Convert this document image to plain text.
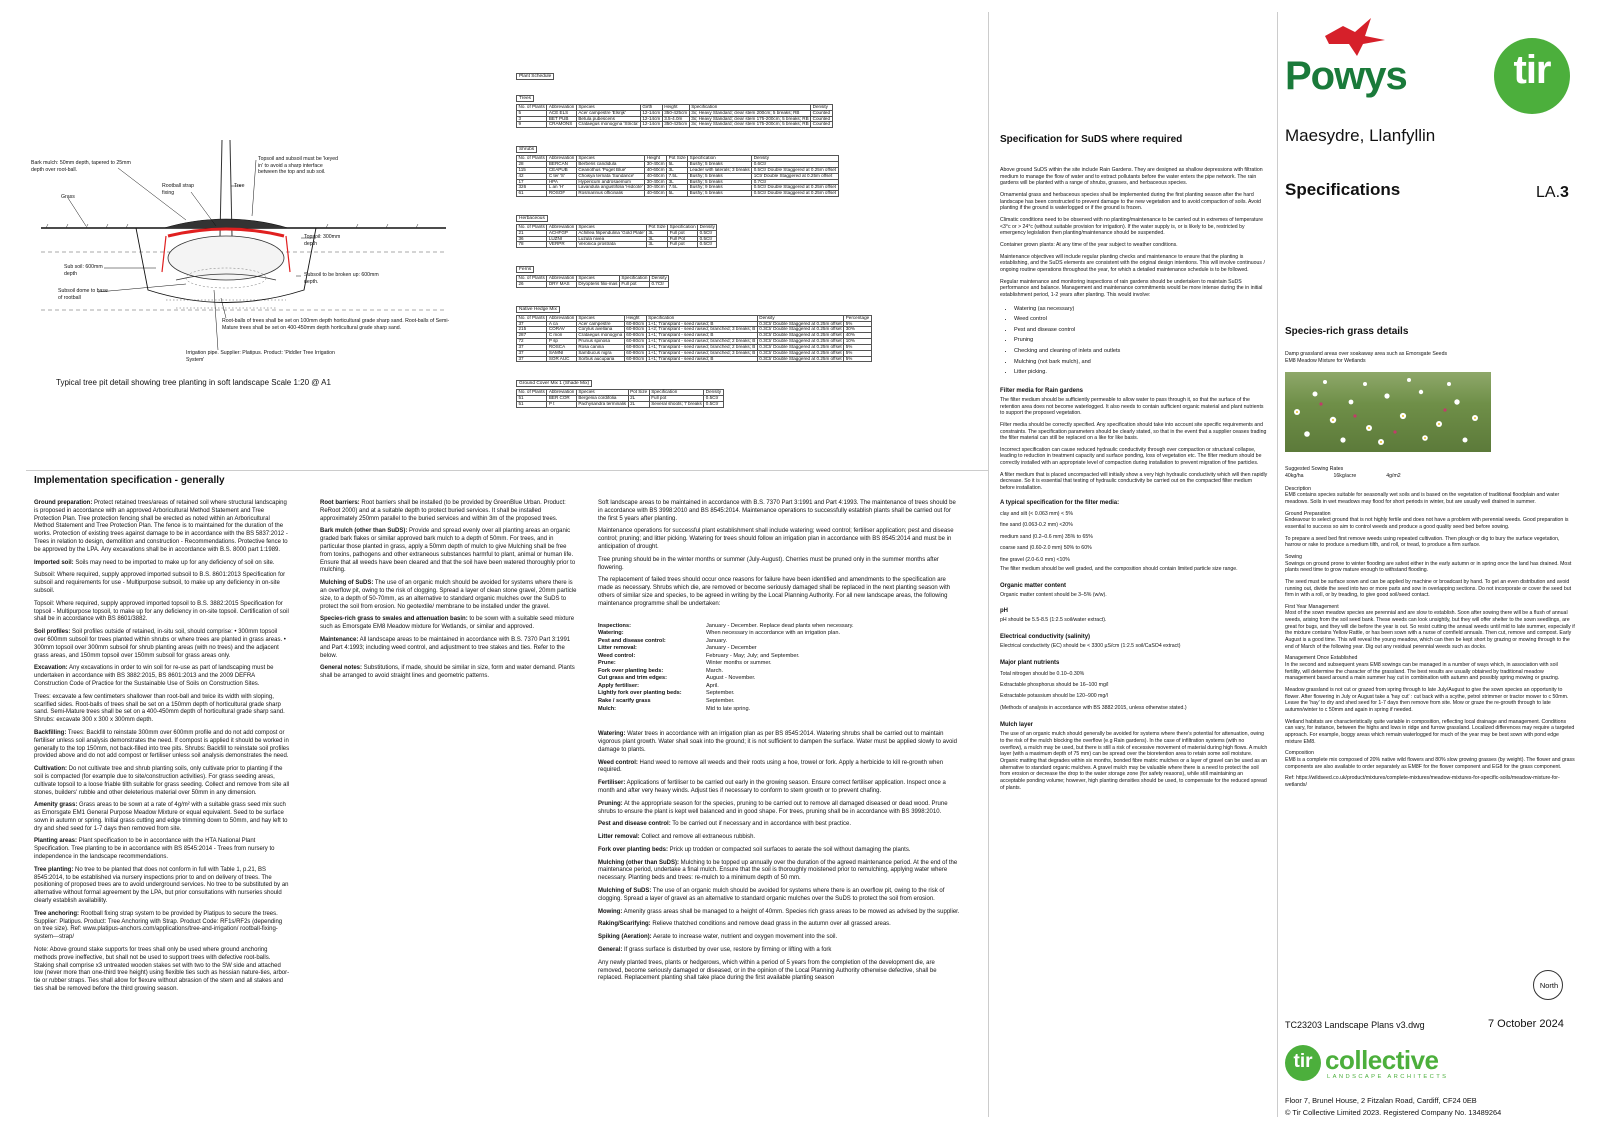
Bark mulch: 50mm depth, tapered to 25mm depth over root-ball.
Rootball strap fixing
Tree
Topsoil and subsoil must be 'keyed in' to avoid a sharp interface between the top and sub soil.
Grass
Topsoil: 300mm depth
Sub soil: 600mm depth
Subsoil dome to base of rootball
Subsoil to be broken up: 600mm depth.
Root-balls of trees shall be set on 100mm depth horticultural grade sharp sand. Root-balls of Semi-Mature trees shall be set on 400-450mm depth horticultural grade sharp sand.
Irrigation pipe. Supplier: Platipus. Product: 'Piddler Tree Irrigation System'
Typical tree pit detail showing tree planting in soft landscape Scale 1:20 @ A1
Plant Schedule
Trees
No. of Plants	Abbreviation	Species	Girth	Height	Specification	Density
5	ACE ELS	Acer campestre 'Elsrijk'	12-14cm	350-425cm	3x; Heavy Standard; clear stem 200cm; 5 breaks; RB	Counted
3	BET PUB	Betula pubescens	12-14cm	3.5-4.0m	3x; Heavy Standard; clear stem 175-200cm; 5 breaks; RB	Counted
9	CRAMONS	Crataegus monogyna 'Stricta'	12-14cm	350-425cm	3x; Heavy Standard; clear stem 175-200cm; 5 breaks; RB	Counted
Shrubs
No. of Plants	Abbreviation	Species	Height	Pot Size	Specification	Density
28	BERCAN	Berberis candidula	30-40cm	5L	Bushy; 5 breaks	0.6Ctr
115	CEAPUB	Ceanothus 'Puget Blue'	40-60cm	3L	Leader with laterals; 3 breaks	0.5Ctr Double Staggered at 0.25m offset
42	C ter 'S'	Choisya ternata 'Sundance'	40-60cm	7.5L	Bushy; 5 breaks	1Ctr Double Staggered at 0.25m offset
17	HPA	Hypericum androsaemum	30-40cm	3L	Bushy; 5 breaks	0.7Ctr
326	L an 'H'	Lavandula angustifolia 'Hidcote'	30-40cm	7.5L	Bushy; 9 breaks	0.5Ctr Double Staggered at 0.25m offset
61	ROSOF	Rosmarinus officinalis	40-60cm	5L	Bushy; 5 breaks	0.5Ctr Double Staggered at 0.25m offset
Herbaceous
No. of Plants	Abbreviation	Species	Pot Size	Specification	Density
21	ACHFGP	Achillea filipendulina 'Gold Plate'	3L	Full pot	0.5Ctr
36	LUZNI	Luzula nivea	3L	Full Pot	0.5Ctr
78	VERPR	Veronica prostrata	3L	Full pot	0.5Ctr
Ferns
No. of Plants	Abbreviation	Species	Specification	Density
26	DRY MAS	Dryopteris filix-mas	Full pot	0.7Ctr
Native Hedge Mix
No. of Plants	Abbreviation	Species	Height	Specification	Density	Percentage
37	A ca	Acer campestre	60-80cm	1+1; Transplant - seed raised; B	0.3Ctr Double Staggered at 0.25m offset	5%
215	CORAV	Corylus avellana	60-80cm	1+2; Transplant - seed raised; branched; 3 breaks; B	0.3Ctr Double Staggered at 0.25m offset	30%
287	C mon	Crataegus monogyna	60-80cm	1+1; Transplant - seed raised; B	0.3Ctr Double Staggered at 0.25m offset	40%
72	P sp	Prunus spinosa	60-80cm	1+1; Transplant - seed raised; branched; 2 breaks; B	0.3Ctr Double Staggered at 0.25m offset	10%
37	ROSCA	Rosa canina	60-80cm	1+1; Transplant - seed raised; branched; 2 breaks; B	0.3Ctr Double Staggered at 0.25m offset	5%
37	SAMNI	Sambucus nigra	60-80cm	1+1; Transplant - seed raised; branched; 3 breaks; B	0.3Ctr Double Staggered at 0.25m offset	5%
37	SOR AUC	Sorbus aucuparia	60-80cm	1+1; Transplant - seed raised; B	0.3Ctr Double Staggered at 0.25m offset	5%
Ground Cover Mix 1 (Shade Mix)
No. of Plants	Abbreviation	Species	Pot Size	Specification	Density
51	BER COR	Bergenia cordifolia	2L	Full pot	0.5Ctr
51	P t	Pachysandra terminalis	2L	Several shoots; 7 breaks	0.5Ctr
Implementation specification - generally
Ground preparation: Protect retained trees/areas of retained soil where structural landscaping is proposed in accordance with an approved Arboricultural Method Statement and Tree Protection Plan. Tree protection fencing shall be erected as noted within an Arboricultural Method Statement and Tree Protection Plan. The fence is to maintained for the duration of the works. Protection of existing trees against damage to be in accordance with the BS 5837:2012 - Trees in relation to design, demolition and construction - Recommendations. Protective fence to be approved by the LPA. Any excavations shall be in accordance with B.S. 8000 part 1:1989.
Imported soil: Soils may need to be imported to make up for any deficiency of soil on site.
Subsoil: Where required, supply approved imported subsoil to B.S. 8601:2013 Specification for subsoil and requirements for use - Multipurpose subsoil, to make up any deficiency in on-site subsoil.
Topsoil: Where required, supply approved imported topsoil to B.S. 3882:2015 Specification for topsoil - Multipurpose topsoil, to make up for any deficiency in on-site topsoil. Certification of soil shall be in accordance with BS 8601/3882.
Soil profiles: Soil profiles outside of retained, in-situ soil, should comprise: • 300mm topsoil over 600mm subsoil for trees planted within shrubs or where trees are planted in grass areas. • 300mm topsoil over 300mm subsoil for shrub planting areas (with no trees) and the adjacent grass areas, and 150mm topsoil over 150mm subsoil for grass areas only.
Excavation: Any excavations in order to win soil for re-use as part of landscaping must be undertaken in accordance with BS 3882:2015, BS 8601:2013 and the 2009 DEFRA Construction Code of Practice for the Sustainable Use of Soils on Construction Sites.
Trees: excavate a few centimeters shallower than root-ball and twice its width with sloping, scarified sides. Root-balls of trees shall be set on a 150mm depth of horticultural grade sharp sand. Semi-Mature trees shall be set on a 400-450mm depth of horticultural grade sharp sand. Shrubs: excavate 300 x 300 x 300mm depth.
Backfilling: Trees: Backfill to reinstate 300mm over 600mm profile and do not add compost or fertiliser unless soil analysis demonstrates the need. If compost is applied it should be worked in generally to the top 150mm, not back-filled into tree pits. Shrubs: Backfill to reinstate soil profiles provided above and do not add compost or fertiliser unless soil analysis demonstrates the need.
Cultivation: Do not cultivate tree and shrub planting soils, only cultivate prior to planting if the soil is compacted (for example due to site/construction activities). For grass seeding areas, cultivate topsoil to a loose friable tilth suitable for grass seeding. Collect and remove from site all stones, builders' rubble and other deleterious material over 50mm in any dimension.
Amenity grass: Grass areas to be sown at a rate of 4g/m² with a suitable grass seed mix such as Emorsgate EM1 General Purpose Meadow Mixture or equal equivalent. Seed to be surface sown in autumn or spring. Initial grass cutting and edge trimming down to 50mm, and hay left to dry and shed seed for 1-7 days then removed from site.
Planting areas: Plant specification to be in accordance with the HTA National Plant Specification. Tree planting to be in accordance with BS 8545:2014 - Trees from nursery to independence in the landscape recommendations.
Tree planting: No tree to be planted that does not conform in full with Table 1, p.21, BS 8545:2014, to be established via nursery inspections prior to and on delivery of trees. The positioning of proposed trees are to avoid underground services. No tree to be substituted by an alternative without formal agreement by the LPA, but prior consultations with nurseries should clearly establish availability.
Tree anchoring: Rootball fixing strap system to be provided by Platipus to secure the trees. Supplier: Platipus. Product: Tree Anchoring with Strap. Product Code: RF1s/RF2s (depending on tree size). Ref: www.platipus-anchors.com/applications/tree-and-irrigation/ rootball-fixing-system---strap/
Note: Above ground stake supports for trees shall only be used where ground anchoring methods prove ineffective, but shall not be used to support trees with defective root-balls. Staking shall comprise x3 untreated wooden stakes set with two to the SW side and attached low (never more than one-third tree height) using flexible ties such as hessian nature-ties, arbor-tie or rubber straps. Ties shall allow for flexure without abrasion of the stem and all stakes and ties shall be removed before the third growing season.
Root barriers: Root barriers shall be installed (to be provided by GreenBlue Urban. Product: ReRoot 2000) and at a suitable depth to protect buried services. It shall be installed approximately 250mm parallel to the buried services and within 3m of the proposed trees.
Bark mulch (other than SuDS): Provide and spread evenly over all planting areas an organic graded bark flakes or similar approved bark mulch to a depth of 50mm. For trees, and in particular those planted in grass, apply a 50mm depth of mulch to give Mulching shall be free from toxins, pathogens and other extraneous substances harmful to plant, animal or human life. Ensure that all weeds have been cleared and that the soil have been watered thoroughly prior to mulching.
Mulching of SuDS: The use of an organic mulch should be avoided for systems where there is an overflow pit, owing to the risk of clogging. Spread a layer of clean stone gravel, 20mm particle size, to a depth of 50-70mm, as an alternative to standard organic mulches over the SuDS to protect the soil from erosion. No geotextile/ membrane to be installed under the gravel.
Species-rich grass to swales and attenuation basin: to be sown with a suitable seed mixture such as Emorsgate EM8 Meadow mixture for Wetlands, or similar and approved.
Maintenance: All landscape areas to be maintained in accordance with B.S. 7370 Part 3:1991 and Part 4:1993; including weed control, and adjustment to tree stakes and ties. Refer to the below.
General notes: Substitutions, if made, should be similar in size, form and water demand. Plants shall be arranged to avoid straight lines and geometric patterns.
Soft landscape areas to be maintained in accordance with B.S. 7370 Part 3:1991 and Part 4:1993. The maintenance of trees should be in accordance with BS 3998:2010 and BS 8545:2014. Maintenance operations to successfully establish plants shall be carried out for the first 5 years after planting.
Maintenance operations for successful plant establishment shall include watering; weed control; fertiliser application; pest and disease control; pruning; and litter picking. Watering for trees should follow an irrigation plan in accordance with BS 8545:2014 and must be in anticipation of drought.
Tree pruning should be in the winter months or summer (July-August). Cherries must be pruned only in the summer months after flowering.
The replacement of failed trees should occur once reasons for failure have been identified and amendments to the specification are made as necessary. Shrubs which die, are removed or become seriously damaged shall be replaced in the next planting season with others of similar size and species, to be agreed in writing by the Local Planning Authority. For all new landscape areas, the following maintenance programme shall be undertaken:
Inspections:	January - December. Replace dead plants when necessary.
Watering:	When necessary in accordance with an irrigation plan.
Pest and disease control:	January.
Litter removal:	January - December
Weed control:	February - May; July; and September.
Prune:	Winter months or summer.
Fork over planting beds:	March.
Cut grass and trim edges:	August - November.
Apply fertiliser:	April.
Lightly fork over planting beds:	September.
Rake / scarify grass	September.
Mulch:	Mid to late spring.
Watering: Water trees in accordance with an irrigation plan as per BS 8545:2014. Watering shrubs shall be carried out to maintain vigorous plant growth. Water shall soak into the ground; it is not sufficient to dampen the surface. Water must be applied slowly to avoid damage to plants.
Weed control: Hand weed to remove all weeds and their roots using a hoe, trowel or fork. Apply a herbicide to kill re-growth when required.
Fertiliser: Applications of fertiliser to be carried out early in the growing season. Ensure correct fertiliser application. Inspect once a month and after very heavy winds. Adjust ties if necessary to conform to stem growth or to prevent chafing.
Pruning: At the appropriate season for the species, pruning to be carried out to remove all damaged diseased or dead wood. Prune shrubs to ensure the plant is kept well balanced and in good shape. For trees, pruning shall be in accordance with BS 3998:2010.
Pest and disease control: To be carried out if necessary and in accordance with best practice.
Litter removal: Collect and remove all extraneous rubbish.
Fork over planting beds: Prick up trodden or compacted soil surfaces to aerate the soil without damaging the plants.
Mulching (other than SuDS): Mulching to be topped up annually over the duration of the agreed maintenance period. At the end of the maintenance period, undertake a final mulch. Ensure that the soil is thoroughly moistened prior to remulching, applying water where necessary. Planting beds and trees: re-mulch to a minimum depth of 50 mm.
Mulching of SuDS: The use of an organic mulch should be avoided for systems where there is an overflow pit, owing to the risk of clogging. Spread a layer of gravel as an alternative to standard organic mulches over the SuDS to protect the soil from erosion.
Mowing: Amenity grass areas shall be managed to a height of 40mm. Species rich grass areas to be mowed as advised by the supplier.
Raking/Scarifying: Relieve thatched conditions and remove dead grass in the autumn over all grassed areas.
Spiking (Aeration): Aerate to increase water, nutrient and oxygen movement into the soil.
General: If grass surface is disturbed by over use, restore by firming or lifting with a fork
Any newly planted trees, plants or hedgerows, which within a period of 5 years from the completion of the development die, are removed, become seriously damaged or diseased, or in the opinion of the Local Planning Authority otherwise defective, shall be replaced. Replacement planting shall take place during the first available planting season
Specification for SuDS where required
Above ground SuDS within the site include Rain Gardens. They are designed as shallow depressions with filtration medium to manage the flow of water and to extract pollutants before the water enters the pipe network. The rain gardens will be planted with a range of shrubs, grasses, and herbaceous species.
Ornamental grass and herbaceous species shall be implemented during the first planting season after the hard landscape has been constructed to prevent damage to the new vegetation and to avoid compaction of soils. Avoid planting if the ground is waterlogged or if the ground is frozen.
Climatic conditions need to be observed with no planting/maintenance to be carried out in extremes of temperature <3°c or > 24°c (without suitable provision for irrigation). If the water supply is, or is likely to be, restricted by emergency legislation then planting/maintenance should be suspended.
Container grown plants: At any time of the year subject to weather conditions.
Maintenance objectives will include regular planting checks and maintenance to ensure that the planting is establishing, and the SuDS elements are consistent with the original design intentions. This will involve continuous / ongoing routine operations throughout the year, for which a detailed maintenance schedule is to be followed.
Regular maintenance and monitoring inspections of rain gardens should be undertaken to maintain SuDS performance and balance. Management and maintenance commitments would be more intense during the in initial establishment period, 1-2 years after planting. This would involve:
• Watering (as necessary)
• Weed control
• Pest and disease control
• Pruning
• Checking and cleaning of inlets and outlets
• Mulching (not bark mulch), and
• Litter picking.
Filter media for Rain gardens
The filter medium should be sufficiently permeable to allow water to pass through it, so that the surface of the retention area does not become waterlogged. It also needs to contain sufficient organic material and plant nutrients to support the proposed vegetation.
Filter media should be correctly specified. Any specification should take into account site specific requirements and constraints. The specification parameters should be clearly stated, so that in the event that a supplier ceases trading the filter material can still be replaced on a like for like basis.
Incorrect specification can cause reduced hydraulic conductivity through over compaction or structural collapse, leading to reduction in treatment capacity and surface ponding, loss of vegetation etc. The filter medium should be correctly installed with an appropriate level of compaction during installation to prevent migration of fine particles.
A filter medium that is placed uncompacted will initially show a very high hydraulic conductivity which will then rapidly decrease. So it is essential that testing of hydraulic conductivity be carried out on the compacted filter medium before installation.
A typical specification for the filter media:
clay and silt (< 0.063 mm) < 5%
fine sand (0.063-0.2 mm) <20%
medium sand (0.2–0.6 mm) 35% to 65%
coarse sand (0.60-2.0 mm) 50% to 60%
fine gravel (2.0-6.0 mm) <10%
The filter medium should be well graded, and the composition should contain limited particle size range.
Organic matter content
Organic matter content should be 3–5% (w/w).
pH
pH should be 5.5-8.5 (1:2.5 soil/water extract).
Electrical conductivity (salinity)
Electrical conductivity (EC) should be < 3300 µS/cm (1:2.5 soil/CaSO4 extract)
Major plant nutrients
Total nitrogen should be 0.10–0.30%
Extractable phosphorus should be 16–100 mg/l
Extractable potassium should be 120–900 mg/l
(Methods of analysis in accordance with BS 3882:2015, unless otherwise stated.)
Mulch layer
The use of an organic mulch should generally be avoided for systems where there's potential for attenuation, owing to the risk of the mulch blocking the overflow (e.g Rain gardens). In the case of infiltration systems (with no overflow), a mulch may be used, but there is still a risk of excessive movement of material during high flows. A mulch layer (with a maximum depth of 75 mm) can be spread over the bioretention area to retain some soil moisture. Organic matting that degrades within six months, bonded fibre matric mulches or a layer of gravel can be used as an alternative to standard organic mulches. A gravel mulch may be valuable where there is a need to protect the soil from erosion or decrease the drop to the water storage zone (for safety reasons), while still maintaining an acceptable ponding volume; however, high planting densities should be used, to compensate for the reduced spread of plants.
Powys	tir
Maesydre, Llanfyllin
Specifications	LA.3
Species-rich grass details
Damp grassland areas over soakaway area such as Emorsgate Seeds
EM8 Meadow Mixture for Wetlands
Suggested Sowing Rates
40kg/ha	16kg/acre	4g/m2
Description
EM8 contains species suitable for seasonally wet soils and is based on the vegetation of traditional floodplain and water meadows. Soils in wet meadows may flood for short periods in winter, but are usually well drained in summer.
Ground Preparation
Endeavour to select ground that is not highly fertile and does not have a problem with perennial weeds. Good preparation is essential to success so aim to control weeds and produce a good quality seed bed before sowing.
To prepare a seed bed first remove weeds using repeated cultivation. Then plough or dig to bury the surface vegetation, harrow or rake to produce a medium tilth, and roll, or tread, to produce a firm surface.
Sowing
Sowings on ground prone to winter flooding are safest either in the early autumn or in spring once the land has drained. Most plants need time to grow mature enough to withstand flooding.
The seed must be surface sown and can be applied by machine or broadcast by hand. To get an even distribution and avoid running out, divide the seed into two or more parts and sow in overlapping sections. Do not incorporate or cover the seed but firm in with a roll, or by treading, to give good soil/seed contact.
First Year Management
Most of the sown meadow species are perennial and are slow to establish. Soon after sowing there will be a flush of annual weeds, arising from the soil seed bank. These weeds can look unsightly, but they will offer shelter to the sown seedlings, are great for bugs, and they will die before the year is out. So resist cutting the annual weeds until mid to late summer, especially if the mixture contains Yellow Rattle, or has been sown with a nurse of cornfield annuals. Then cut, remove and compost. Early August is a good time. This will reveal the young meadow, which can then be kept short by grazing or mowing through to the end of March of the following year. Dig out any residual perennial weeds such as docks.
Management Once Established
In the second and subsequent years EM8 sowings can be managed in a number of ways which, in association with soil fertility, will determine the character of the grassland. The best results are usually obtained by traditional meadow management based around a main summer hay cut in combination with autumn and possibly spring mowing or grazing.
Meadow grassland is not cut or grazed from spring through to late July/August to give the sown species an opportunity to flower. After flowering in July or August take a 'hay cut' : cut back with a scythe, petrol strimmer or tractor mower to c 50mm. Leave the 'hay' to dry and shed seed for 1-7 days then remove from site. Mow or graze the re-growth through to late autumn/winter to c 50mm and again in spring if needed.
Wetland habitats are characteristically quite variable in composition, reflecting local drainage and management. Conditions can vary, for instance, between the highs and lows in ridge and furrow grassland. Localized differences may require a targeted approach. For example, boggy areas which remain waterlogged for much of the year may be best sown with pond edge mixture EM8.
Composition
EM8 is a complete mix composed of 20% native wild flowers and 80% slow growing grasses (by weight). The flower and grass components are also available to order separately as EM8F for the flower component and EG8 for the grass component.
Ref: https://wildseed.co.uk/product/mixtures/complete-mixtures/meadow-mixtures-for-specific-soils/meadow-mixture-for-wetlands/
North
TC23203 Landscape Plans v3.dwg	7 October 2024
tir collective
LANDSCAPE ARCHITECTS
Floor 7, Brunel House, 2 Fitzalan Road, Cardiff, CF24 0EB
© Tir Collective Limited 2023. Registered Company No. 13489264
